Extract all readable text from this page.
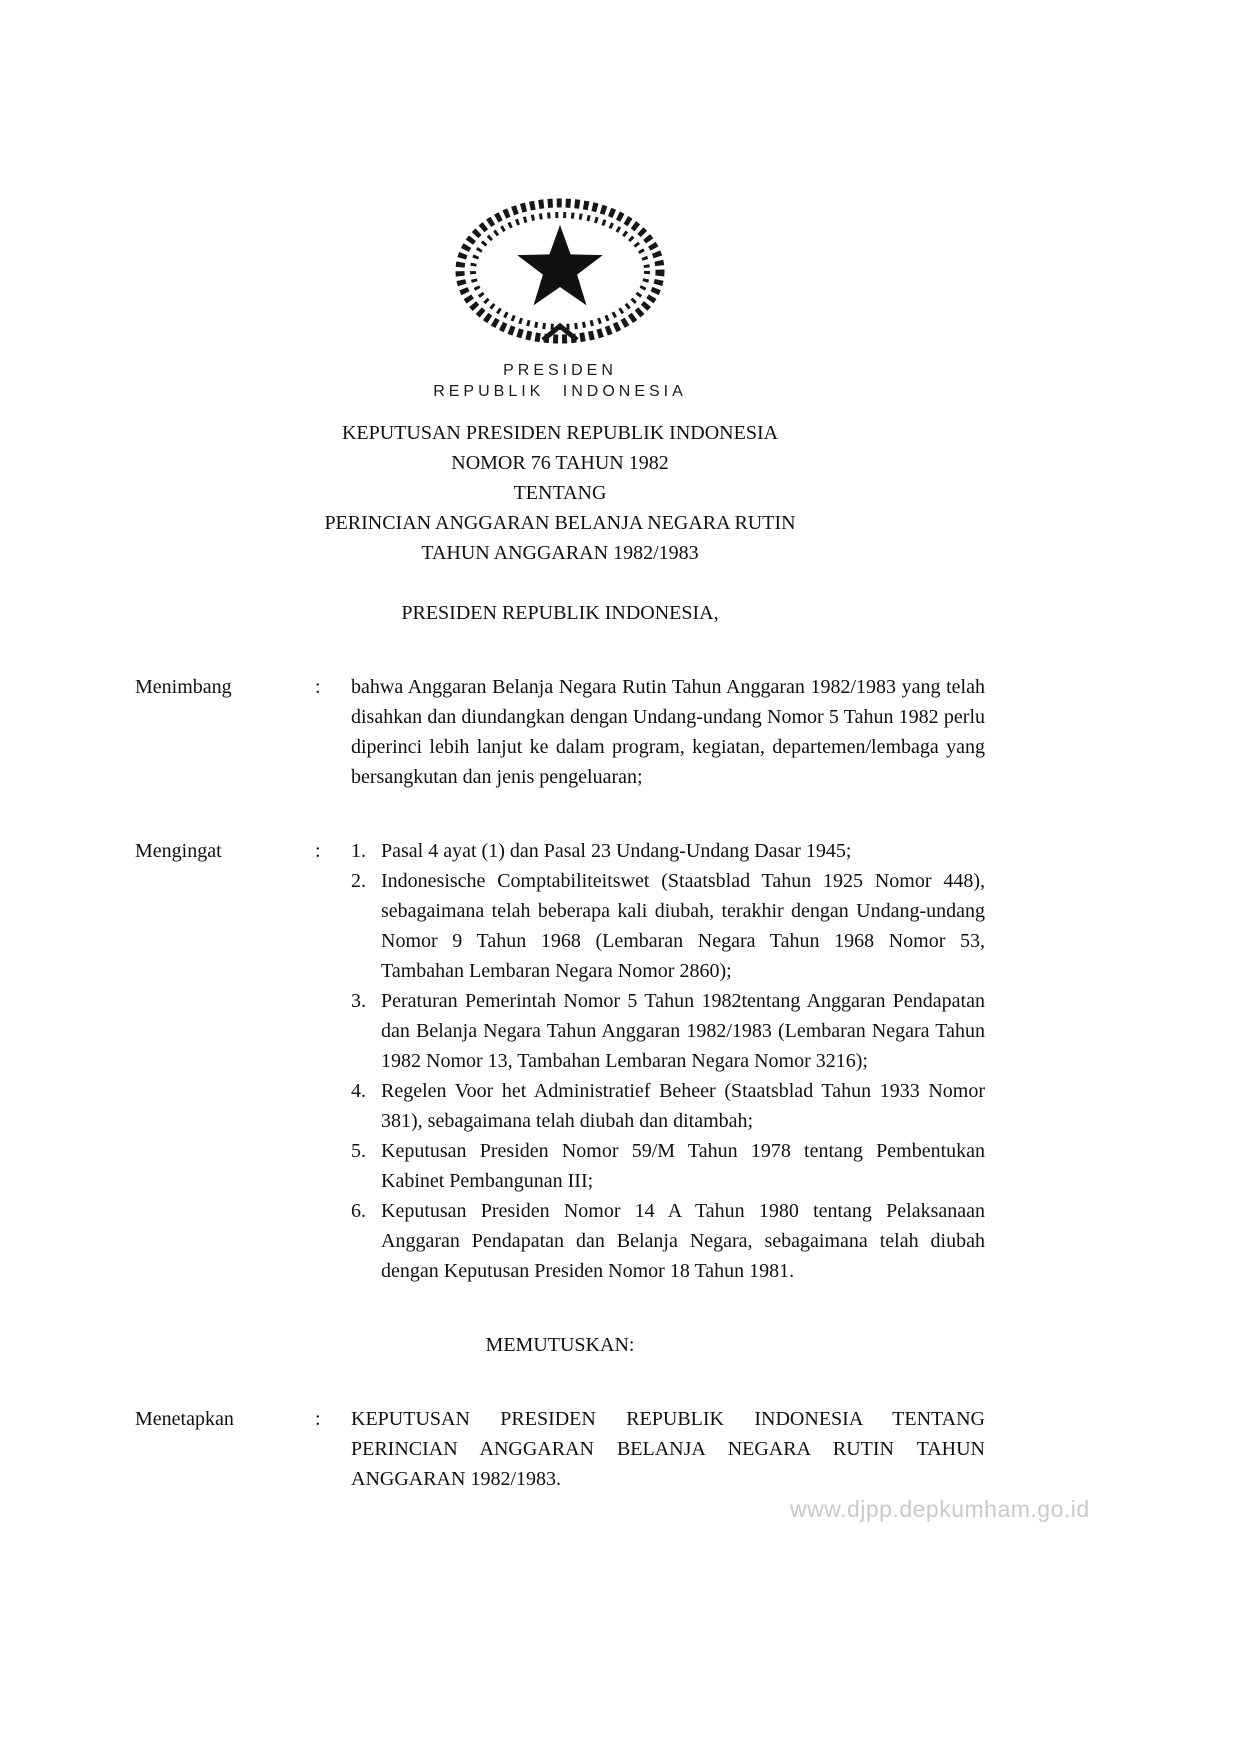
PRESIDEN
REPUBLIK INDONESIA
KEPUTUSAN PRESIDEN REPUBLIK INDONESIA
NOMOR 76 TAHUN 1982
TENTANG
PERINCIAN ANGGARAN BELANJA NEGARA RUTIN
TAHUN ANGGARAN 1982/1983
PRESIDEN REPUBLIK INDONESIA,
Menimbang	:	bahwa Anggaran Belanja Negara Rutin Tahun Anggaran 1982/1983 yang telah disahkan dan diundangkan dengan Undang-undang Nomor 5 Tahun 1982 perlu diperinci lebih lanjut ke dalam program, kegiatan, departemen/lembaga yang bersangkutan dan jenis pengeluaran;
Mengingat	:	1. Pasal 4 ayat (1) dan Pasal 23 Undang-Undang Dasar 1945;
2. Indonesische Comptabiliteitswet (Staatsblad Tahun 1925 Nomor 448), sebagaimana telah beberapa kali diubah, terakhir dengan Undang-undang Nomor 9 Tahun 1968 (Lembaran Negara Tahun 1968 Nomor 53, Tambahan Lembaran Negara Nomor 2860);
3. Peraturan Pemerintah Nomor 5 Tahun 1982tentang Anggaran Pendapatan dan Belanja Negara Tahun Anggaran 1982/1983 (Lembaran Negara Tahun 1982 Nomor 13, Tambahan Lembaran Negara Nomor 3216);
4. Regelen Voor het Administratief Beheer (Staatsblad Tahun 1933 Nomor 381), sebagaimana telah diubah dan ditambah;
5. Keputusan Presiden Nomor 59/M Tahun 1978 tentang Pembentukan Kabinet Pembangunan III;
6. Keputusan Presiden Nomor 14 A Tahun 1980 tentang Pelaksanaan Anggaran Pendapatan dan Belanja Negara, sebagaimana telah diubah dengan Keputusan Presiden Nomor 18 Tahun 1981.
MEMUTUSKAN:
Menetapkan	:	KEPUTUSAN PRESIDEN REPUBLIK INDONESIA TENTANG PERINCIAN ANGGARAN BELANJA NEGARA RUTIN TAHUN ANGGARAN 1982/1983.
www.djpp.depkumham.go.id
